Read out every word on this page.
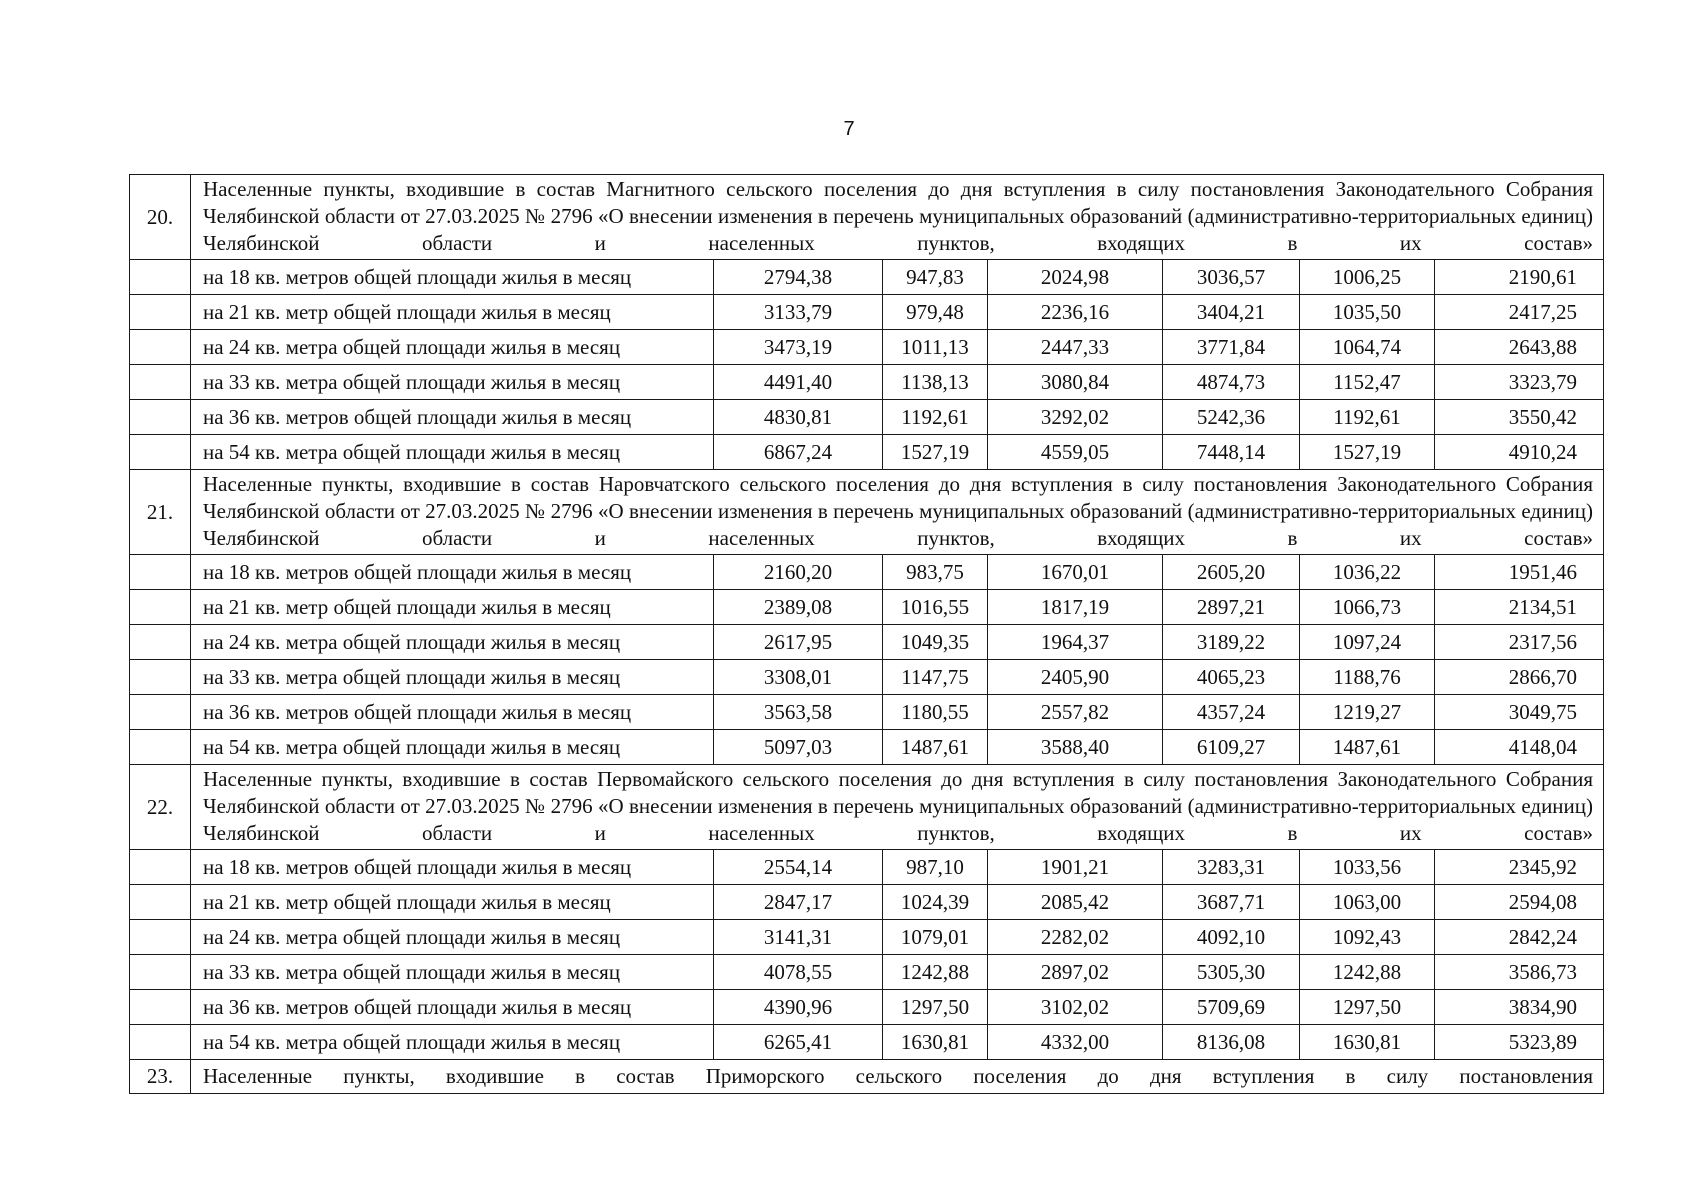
7
20.	Населенные пункты, входившие в состав Магнитного сельского поселения до дня вступления в силу постановления Законодательного Собрания Челябинской области от 27.03.2025 № 2796 «О внесении изменения в перечень муниципальных образований (административно-территориальных единиц) Челябинской области и населенных пунктов, входящих в их состав»						
	на 18 кв. метров общей площади жилья в месяц	2794,38	947,83	2024,98	3036,57	1006,25	2190,61
	на 21 кв. метр общей площади жилья в месяц	3133,79	979,48	2236,16	3404,21	1035,50	2417,25
	на 24 кв. метра общей площади жилья в месяц	3473,19	1011,13	2447,33	3771,84	1064,74	2643,88
	на 33 кв. метра общей площади жилья в месяц	4491,40	1138,13	3080,84	4874,73	1152,47	3323,79
	на 36 кв. метров общей площади жилья в месяц	4830,81	1192,61	3292,02	5242,36	1192,61	3550,42
	на 54 кв. метра общей площади жилья в месяц	6867,24	1527,19	4559,05	7448,14	1527,19	4910,24
21.	Населенные пункты, входившие в состав Наровчатского сельского поселения до дня вступления в силу постановления Законодательного Собрания Челябинской области от 27.03.2025 № 2796 «О внесении изменения в перечень муниципальных образований (административно-территориальных единиц) Челябинской области и населенных пунктов, входящих в их состав»						
	на 18 кв. метров общей площади жилья в месяц	2160,20	983,75	1670,01	2605,20	1036,22	1951,46
	на 21 кв. метр общей площади жилья в месяц	2389,08	1016,55	1817,19	2897,21	1066,73	2134,51
	на 24 кв. метра общей площади жилья в месяц	2617,95	1049,35	1964,37	3189,22	1097,24	2317,56
	на 33 кв. метра общей площади жилья в месяц	3308,01	1147,75	2405,90	4065,23	1188,76	2866,70
	на 36 кв. метров общей площади жилья в месяц	3563,58	1180,55	2557,82	4357,24	1219,27	3049,75
	на 54 кв. метра общей площади жилья в месяц	5097,03	1487,61	3588,40	6109,27	1487,61	4148,04
22.	Населенные пункты, входившие в состав Первомайского сельского поселения до дня вступления в силу постановления Законодательного Собрания Челябинской области от 27.03.2025 № 2796 «О внесении изменения в перечень муниципальных образований (административно-территориальных единиц) Челябинской области и населенных пунктов, входящих в их состав»						
	на 18 кв. метров общей площади жилья в месяц	2554,14	987,10	1901,21	3283,31	1033,56	2345,92
	на 21 кв. метр общей площади жилья в месяц	2847,17	1024,39	2085,42	3687,71	1063,00	2594,08
	на 24 кв. метра общей площади жилья в месяц	3141,31	1079,01	2282,02	4092,10	1092,43	2842,24
	на 33 кв. метра общей площади жилья в месяц	4078,55	1242,88	2897,02	5305,30	1242,88	3586,73
	на 36 кв. метров общей площади жилья в месяц	4390,96	1297,50	3102,02	5709,69	1297,50	3834,90
	на 54 кв. метра общей площади жилья в месяц	6265,41	1630,81	4332,00	8136,08	1630,81	5323,89
23.	Населенные пункты, входившие в состав Приморского сельского поселения до дня вступления в силу постановления						
